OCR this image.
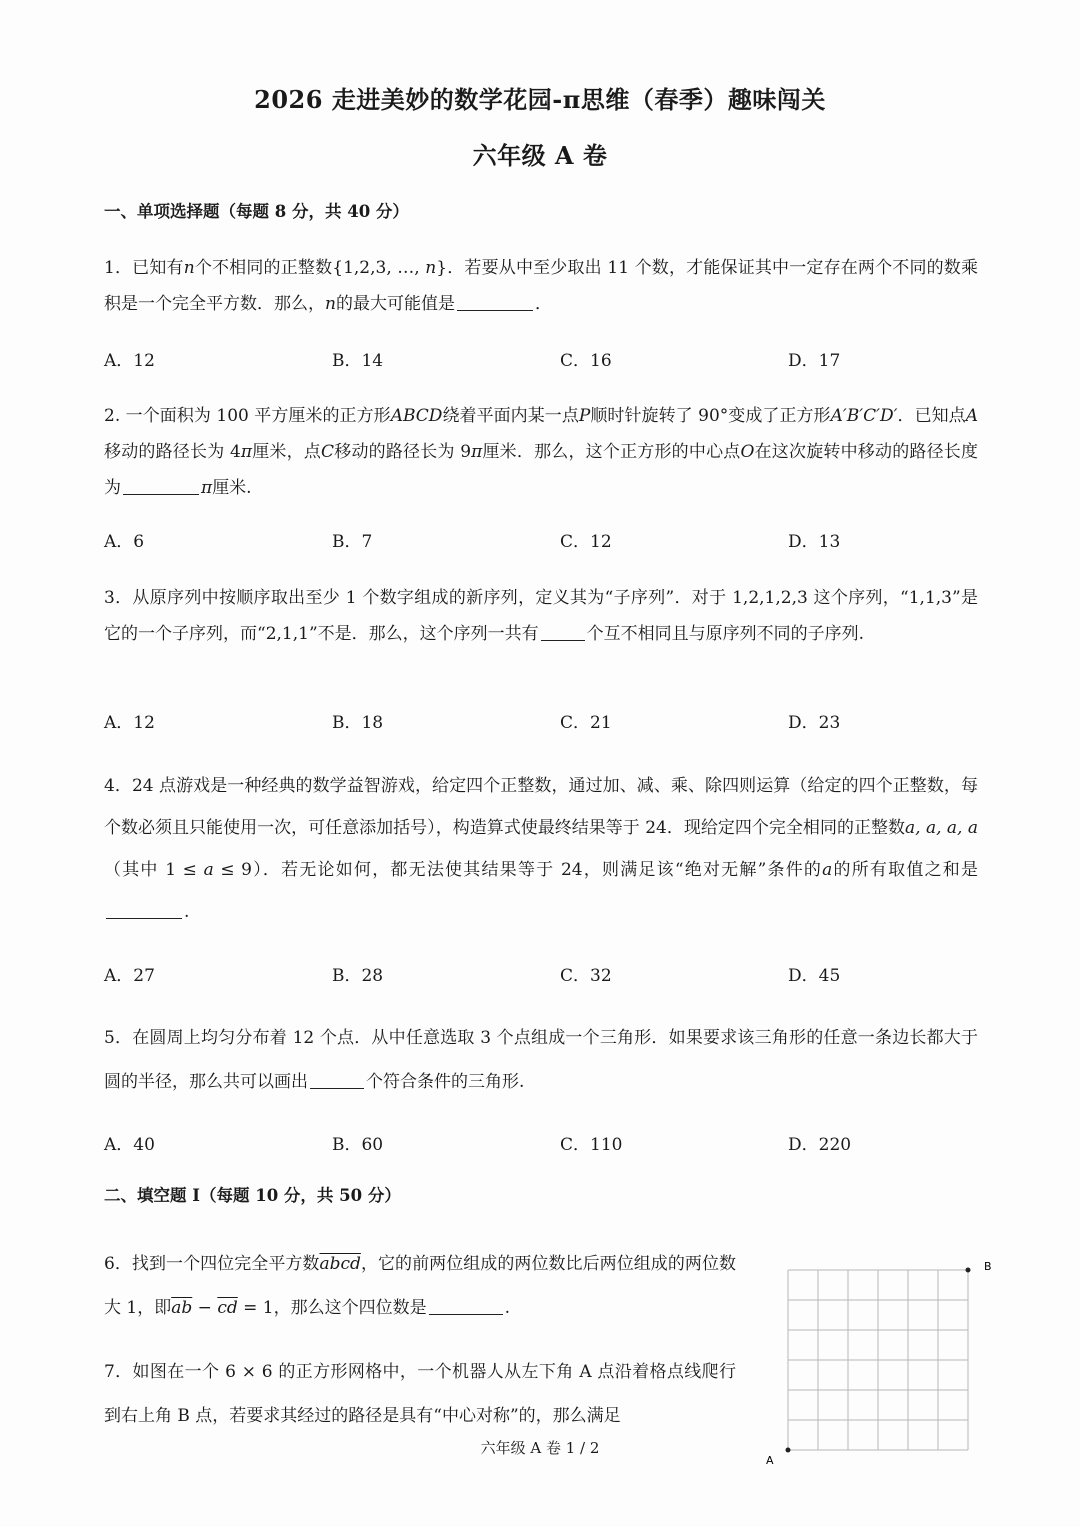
2026 走进美妙的数学花园-π思维（春季）趣味闯关
六年级 A 卷
一、单项选择题（每题 8 分，共 40 分）
1．已知有n个不相同的正整数{1,2,3, …, n}．若要从中至少取出 11 个数，才能保证其中一定存在两个不同的数乘积是一个完全平方数．那么，n的最大可能值是	．
A．12	B．14	C．16	D．17
2. 一个面积为 100 平方厘米的正方形ABCD绕着平面内某一点P顺时针旋转了 90°变成了正方形A′B′C′D′．已知点A移动的路径长为 4π厘米，点C移动的路径长为 9π厘米．那么，这个正方形的中心点O在这次旋转中移动的路径长度为	π厘米.
A．6	B．7	C．12	D．13
3．从原序列中按顺序取出至少 1 个数字组成的新序列，定义其为“子序列”．对于 1,2,1,2,3 这个序列，“1,1,3”是它的一个子序列，而“2,1,1”不是．那么，这个序列一共有	个互不相同且与原序列不同的子序列.
A．12	B．18	C．21	D．23
4．24 点游戏是一种经典的数学益智游戏，给定四个正整数，通过加、减、乘、除四则运算（给定的四个正整数，每个数必须且只能使用一次，可任意添加括号），构造算式使最终结果等于 24．现给定四个完全相同的正整数a, a, a, a（其中 1 ≤ a ≤ 9）．若无论如何，都无法使其结果等于 24，则满足该“绝对无解”条件的a的所有取值之和是.
A．27	B．28	C．32	D．45
5．在圆周上均匀分布着 12 个点．从中任意选取 3 个点组成一个三角形．如果要求该三角形的任意一条边长都大于圆的半径，那么共可以画出	个符合条件的三角形.
A．40	B．60	C．110	D．220
二、填空题 I（每题 10 分，共 50 分）
6．找到一个四位完全平方数abcd，它的前两位组成的两位数比后两位组成的两位数大 1，即$\overline{ab} - \overline{cd} = 1$，那么这个四位数是	.
7．如图在一个 6 × 6 的正方形网格中，一个机器人从左下角 A 点沿着格点线爬行到右上角 B 点，若要求其经过的路径是具有“中心对称”的，那么满足
B
A
六年级 A 卷 1 / 2
